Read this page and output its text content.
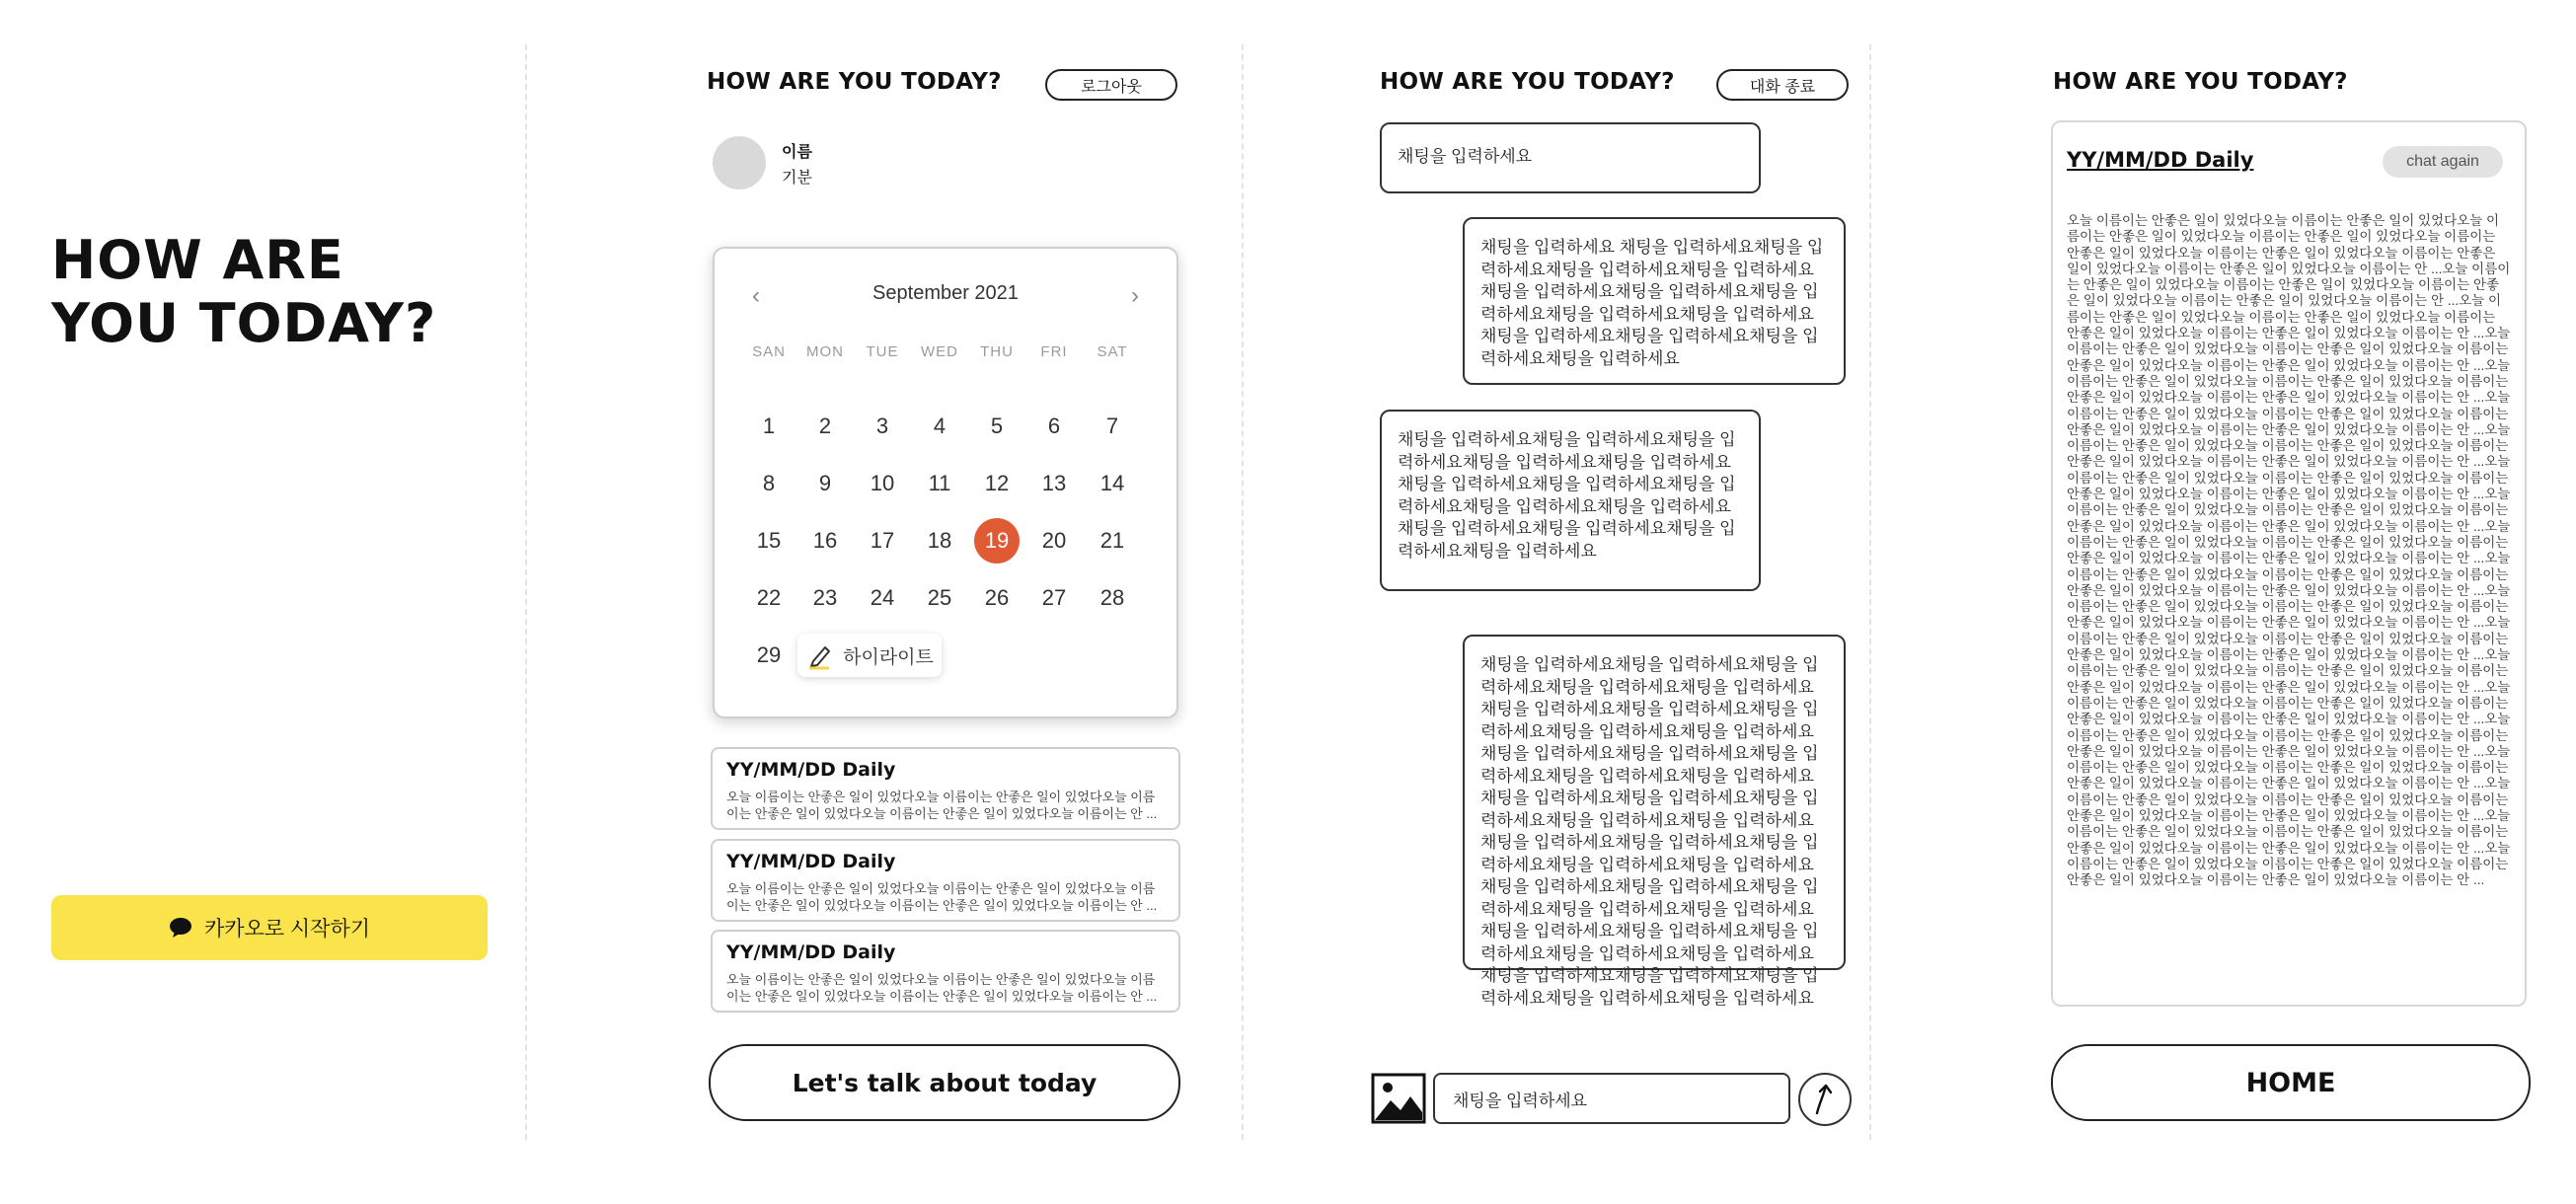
HOW ARE YOU TODAY?
카카오로 시작하기
HOW ARE YOU TODAY?	로그아웃
이름
기분
‹	September 2021	›
SAN	MON	TUE	WED	THU	FRI	SAT
1	2	3	4	5	6	7
8	9	10	11	12	13	14
15	16	17	18	19	20	21
22	23	24	25	26	27	28
29	하이라이트
YY/MM/DD Daily
오늘 이름이는 안좋은 일이 있었다오늘 이름이는 안좋은 일이 있었다오늘 이름이는 안좋은 일이 있었다오늘 이름이는 안좋은 일이 있었다오늘 이름이는 안 ...
YY/MM/DD Daily
오늘 이름이는 안좋은 일이 있었다오늘 이름이는 안좋은 일이 있었다오늘 이름이는 안좋은 일이 있었다오늘 이름이는 안좋은 일이 있었다오늘 이름이는 안 ...
YY/MM/DD Daily
오늘 이름이는 안좋은 일이 있었다오늘 이름이는 안좋은 일이 있었다오늘 이름이는 안좋은 일이 있었다오늘 이름이는 안좋은 일이 있었다오늘 이름이는 안 ...
Let's talk about today
HOW ARE YOU TODAY?	대화 종료
채팅을 입력하세요
채팅을 입력하세요 채팅을 입력하세요채팅을 입력하세요채팅을 입력하세요채팅을 입력하세요채팅을 입력하세요채팅을 입력하세요채팅을 입력하세요채팅을 입력하세요채팅을 입력하세요채팅을 입력하세요채팅을 입력하세요채팅을 입력하세요채팅을 입력하세요
채팅을 입력하세요채팅을 입력하세요채팅을 입력하세요채팅을 입력하세요채팅을 입력하세요채팅을 입력하세요채팅을 입력하세요채팅을 입력하세요채팅을 입력하세요채팅을 입력하세요채팅을 입력하세요채팅을 입력하세요채팅을 입력하세요채팅을 입력하세요
채팅을 입력하세요채팅을 입력하세요채팅을 입력하세요채팅을 입력하세요채팅을 입력하세요채팅을 입력하세요채팅을 입력하세요채팅을 입력하세요채팅을 입력하세요채팅을 입력하세요채팅을 입력하세요채팅을 입력하세요채팅을 입력하세요채팅을 입력하세요채팅을 입력하세요채팅을 입력하세요채팅을 입력하세요채팅을 입력하세요채팅을 입력하세요채팅을 입력하세요채팅을 입력하세요채팅을 입력하세요채팅을 입력하세요채팅을 입력하세요채팅을 입력하세요채팅을 입력하세요채팅을 입력하세요채팅을 입력하세요채팅을 입력하세요채팅을 입력하세요채팅을 입력하세요채팅을 입력하세요채팅을 입력하세요채팅을 입력하세요채팅을 입력하세요채팅을 입력하세요채팅을 입력하세요채팅을 입력하세요채팅을 입력하세요채팅을 입력하세요
채팅을 입력하세요
HOW ARE YOU TODAY?
YY/MM/DD Daily	chat again
오늘 이름이는 안좋은 일이 있었다오늘 이름이는 안좋은 일이 있었다오늘 이름이는 안좋은 일이 있었다오늘 이름이는 안좋은 일이 있었다오늘 이름이는 안좋은 일이 있었다오늘 이름이는 안좋은 일이 있었다오늘 이름이는 안좋은 일이 있었다오늘 이름이는 안좋은 일이 있었다오늘 이름이는 안 ...오늘 이름이는 안좋은 일이 있었다오늘 이름이는 안좋은 일이 있었다오늘 이름이는 안좋은 일이 있었다오늘 이름이는 안좋은 일이 있었다오늘 이름이는 안 ...오늘 이름이는 안좋은 일이 있었다오늘 이름이는 안좋은 일이 있었다오늘 이름이는 안좋은 일이 있었다오늘 이름이는 안좋은 일이 있었다오늘 이름이는 안 ...오늘 이름이는 안좋은 일이 있었다오늘 이름이는 안좋은 일이 있었다오늘 이름이는 안좋은 일이 있었다오늘 이름이는 안좋은 일이 있었다오늘 이름이는 안 ...오늘 이름이는 안좋은 일이 있었다오늘 이름이는 안좋은 일이 있었다오늘 이름이는 안좋은 일이 있었다오늘 이름이는 안좋은 일이 있었다오늘 이름이는 안 ...오늘 이름이는 안좋은 일이 있었다오늘 이름이는 안좋은 일이 있었다오늘 이름이는 안좋은 일이 있었다오늘 이름이는 안좋은 일이 있었다오늘 이름이는 안 ...오늘 이름이는 안좋은 일이 있었다오늘 이름이는 안좋은 일이 있었다오늘 이름이는 안좋은 일이 있었다오늘 이름이는 안좋은 일이 있었다오늘 이름이는 안 ...오늘 이름이는 안좋은 일이 있었다오늘 이름이는 안좋은 일이 있었다오늘 이름이는 안좋은 일이 있었다오늘 이름이는 안좋은 일이 있었다오늘 이름이는 안 ...오늘 이름이는 안좋은 일이 있었다오늘 이름이는 안좋은 일이 있었다오늘 이름이는 안좋은 일이 있었다오늘 이름이는 안좋은 일이 있었다오늘 이름이는 안 ...오늘 이름이는 안좋은 일이 있었다오늘 이름이는 안좋은 일이 있었다오늘 이름이는 안좋은 일이 있었다오늘 이름이는 안좋은 일이 있었다오늘 이름이는 안 ...오늘 이름이는 안좋은 일이 있었다오늘 이름이는 안좋은 일이 있었다오늘 이름이는 안좋은 일이 있었다오늘 이름이는 안좋은 일이 있었다오늘 이름이는 안 ...오늘 이름이는 안좋은 일이 있었다오늘 이름이는 안좋은 일이 있었다오늘 이름이는 안좋은 일이 있었다오늘 이름이는 안좋은 일이 있었다오늘 이름이는 안 ...오늘 이름이는 안좋은 일이 있었다오늘 이름이는 안좋은 일이 있었다오늘 이름이는 안좋은 일이 있었다오늘 이름이는 안좋은 일이 있었다오늘 이름이는 안 ...오늘 이름이는 안좋은 일이 있었다오늘 이름이는 안좋은 일이 있었다오늘 이름이는 안좋은 일이 있었다오늘 이름이는 안좋은 일이 있었다오늘 이름이는 안 ...오늘 이름이는 안좋은 일이 있었다오늘 이름이는 안좋은 일이 있었다오늘 이름이는 안좋은 일이 있었다오늘 이름이는 안좋은 일이 있었다오늘 이름이는 안 ...오늘 이름이는 안좋은 일이 있었다오늘 이름이는 안좋은 일이 있었다오늘 이름이는 안좋은 일이 있었다오늘 이름이는 안좋은 일이 있었다오늘 이름이는 안 ...오늘 이름이는 안좋은 일이 있었다오늘 이름이는 안좋은 일이 있었다오늘 이름이는 안좋은 일이 있었다오늘 이름이는 안좋은 일이 있었다오늘 이름이는 안 ...오늘 이름이는 안좋은 일이 있었다오늘 이름이는 안좋은 일이 있었다오늘 이름이는 안좋은 일이 있었다오늘 이름이는 안좋은 일이 있었다오늘 이름이는 안 ...오늘 이름이는 안좋은 일이 있었다오늘 이름이는 안좋은 일이 있었다오늘 이름이는 안좋은 일이 있었다오늘 이름이는 안좋은 일이 있었다오늘 이름이는 안 ...오늘 이름이는 안좋은 일이 있었다오늘 이름이는 안좋은 일이 있었다오늘 이름이는 안좋은 일이 있었다오늘 이름이는 안좋은 일이 있었다오늘 이름이는 안 ...
HOME
